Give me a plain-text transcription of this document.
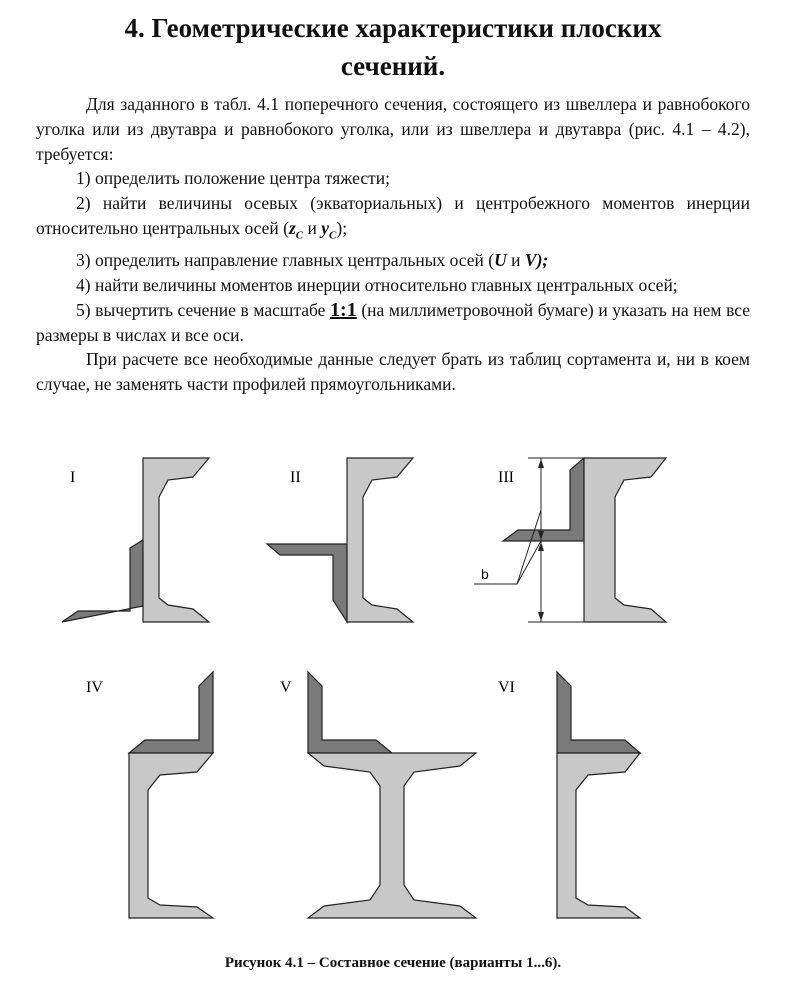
4. Геометрические характеристики плоских
сечений.

Для заданного в табл. 4.1 поперечного сечения, состоящего из швеллера и равнобокого уголка или из двутавра и равнобокого уголка, или из швеллера и двутавра (рис. 4.1 – 4.2), требуется:

1) определить положение центра тяжести;

2) найти величины осевых (экваториальных) и центробежного моментов инерции относительно центральных осей ($z_C$ и $y_C$);

3) определить направление главных центральных осей (U и V);

4) найти величины моментов инерции относительно главных центральных осей;

5) вычертить сечение в масштабе 1:1 (на миллиметровочной бумаге) и указать на нем все размеры в числах и все оси.

При расчете все необходимые данные следует брать из таблиц сортамента и, ни в коем случае, не заменять части профилей прямоугольниками.

I	II	III
b
IV	V	VI
Рисунок 4.1 – Составное сечение (варианты 1...6).
